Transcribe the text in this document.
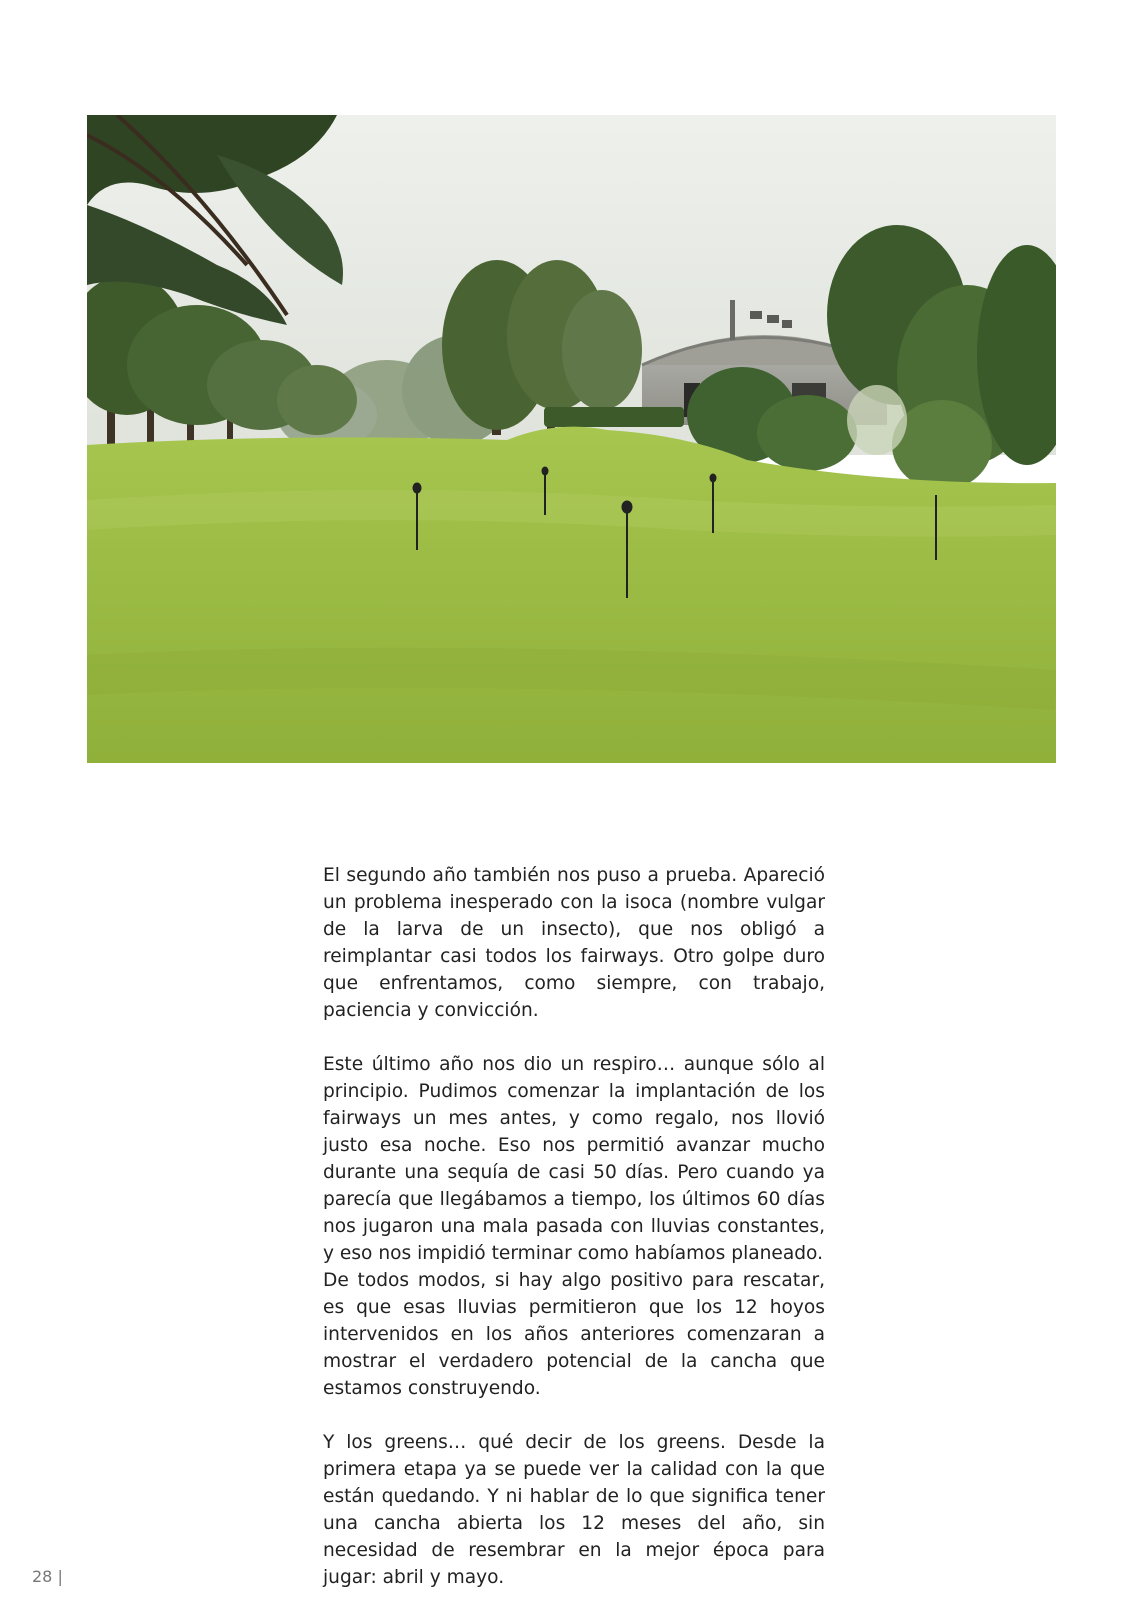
El segundo año también nos puso a prueba. Apareció un problema inesperado con la isoca (nombre vulgar de la larva de un insecto), que nos obligó a reimplantar casi todos los fairways. Otro golpe duro que enfrentamos, como siempre, con trabajo, paciencia y convicción.

Este último año nos dio un respiro… aunque sólo al principio. Pudimos comenzar la implantación de los fairways un mes antes, y como regalo, nos llovió justo esa noche. Eso nos permitió avanzar mucho durante una sequía de casi 50 días. Pero cuando ya parecía que llegábamos a tiempo, los últimos 60 días nos jugaron una mala pasada con lluvias constantes, y eso nos impidió terminar como habíamos planeado.

De todos modos, si hay algo positivo para rescatar, es que esas lluvias permitieron que los 12 hoyos intervenidos en los años anteriores comenzaran a mostrar el verdadero potencial de la cancha que estamos construyendo.

Y los greens… qué decir de los greens. Desde la primera etapa ya se puede ver la calidad con la que están quedando. Y ni hablar de lo que significa tener una cancha abierta los 12 meses del año, sin necesidad de resembrar en la mejor época para jugar: abril y mayo.

28 |
